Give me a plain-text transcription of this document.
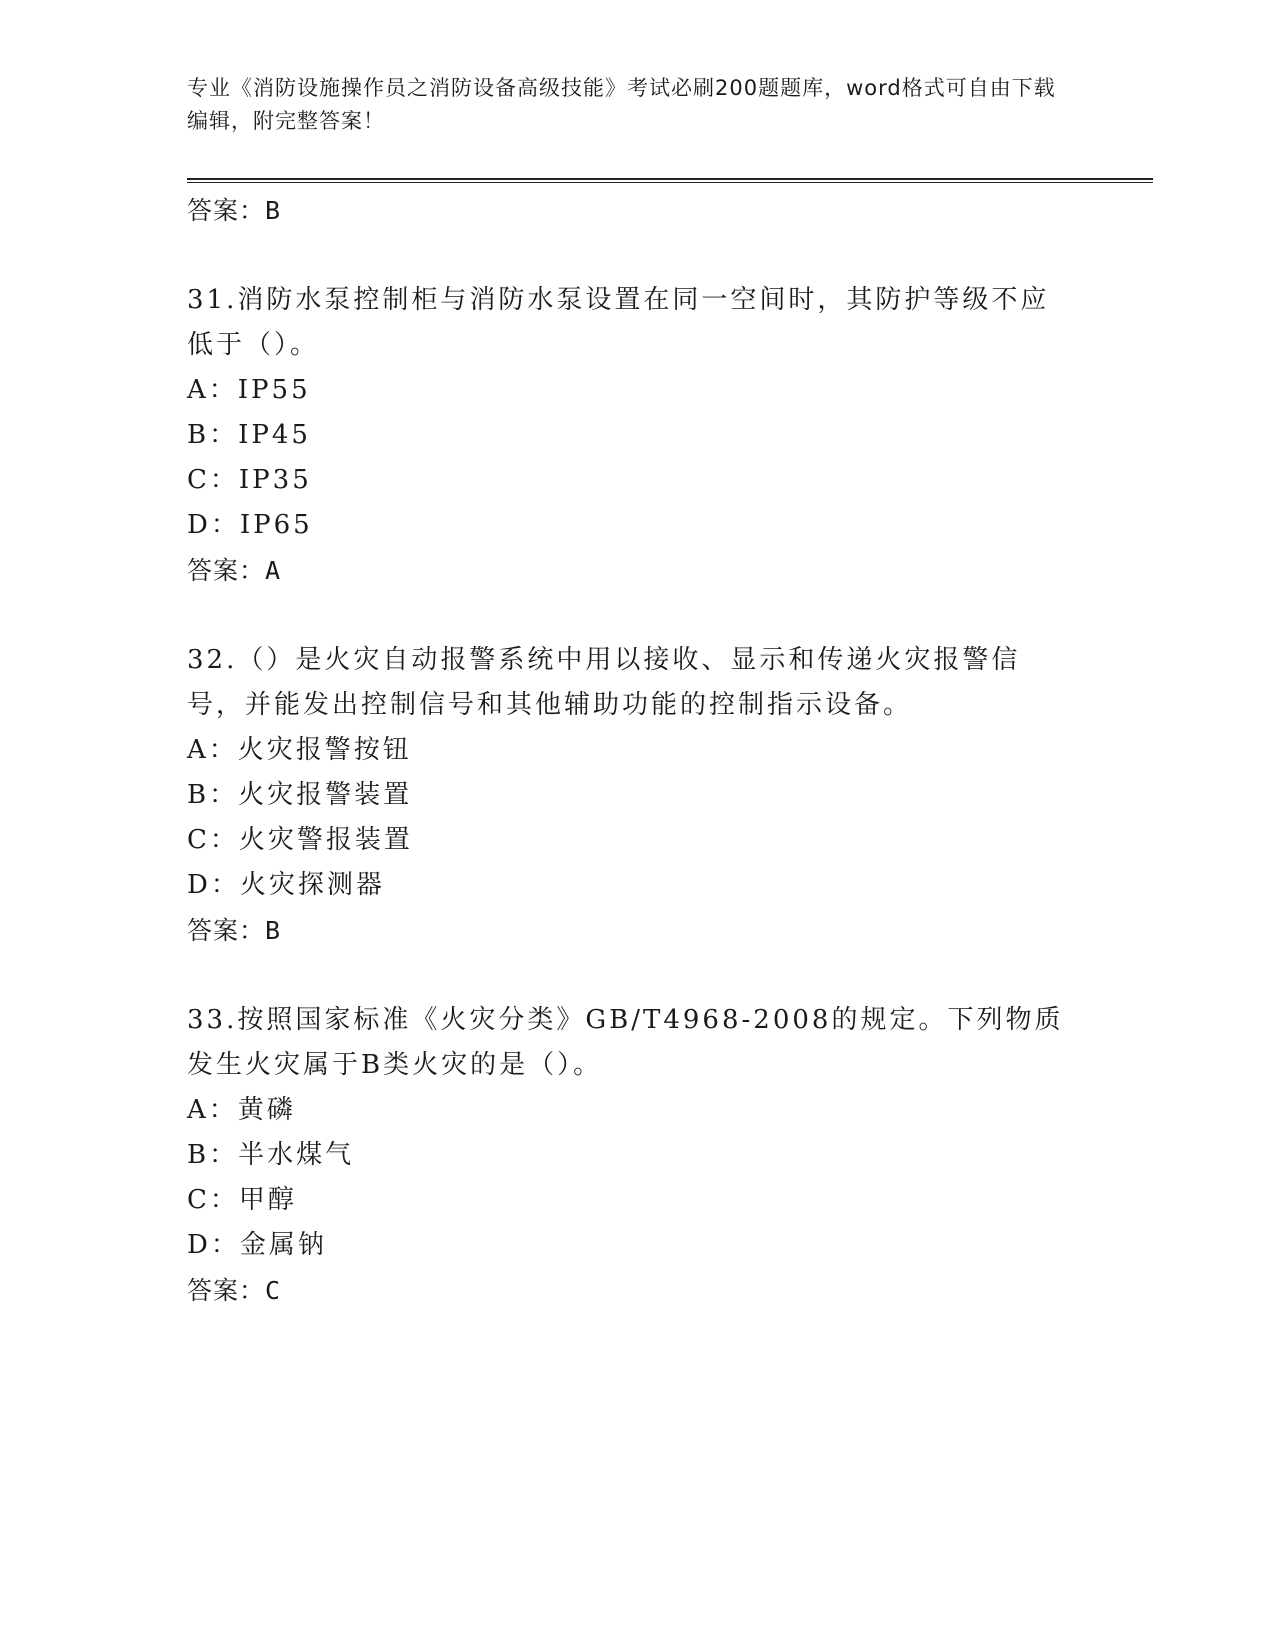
专业《消防设施操作员之消防设备高级技能》考试必刷200题题库，word格式可自由下载编辑，附完整答案！
答案：B
31.消防水泵控制柜与消防水泵设置在同一空间时，其防护等级不应低于（）。
A：IP55
B：IP45
C：IP35
D：IP65
答案：A
32.（）是火灾自动报警系统中用以接收、显示和传递火灾报警信号，并能发出控制信号和其他辅助功能的控制指示设备。
A：火灾报警按钮
B：火灾报警装置
C：火灾警报装置
D：火灾探测器
答案：B
33.按照国家标准《火灾分类》GB/T4968-2008的规定。下列物质发生火灾属于B类火灾的是（）。
A：黄磷
B：半水煤气
C：甲醇
D：金属钠
答案：C
